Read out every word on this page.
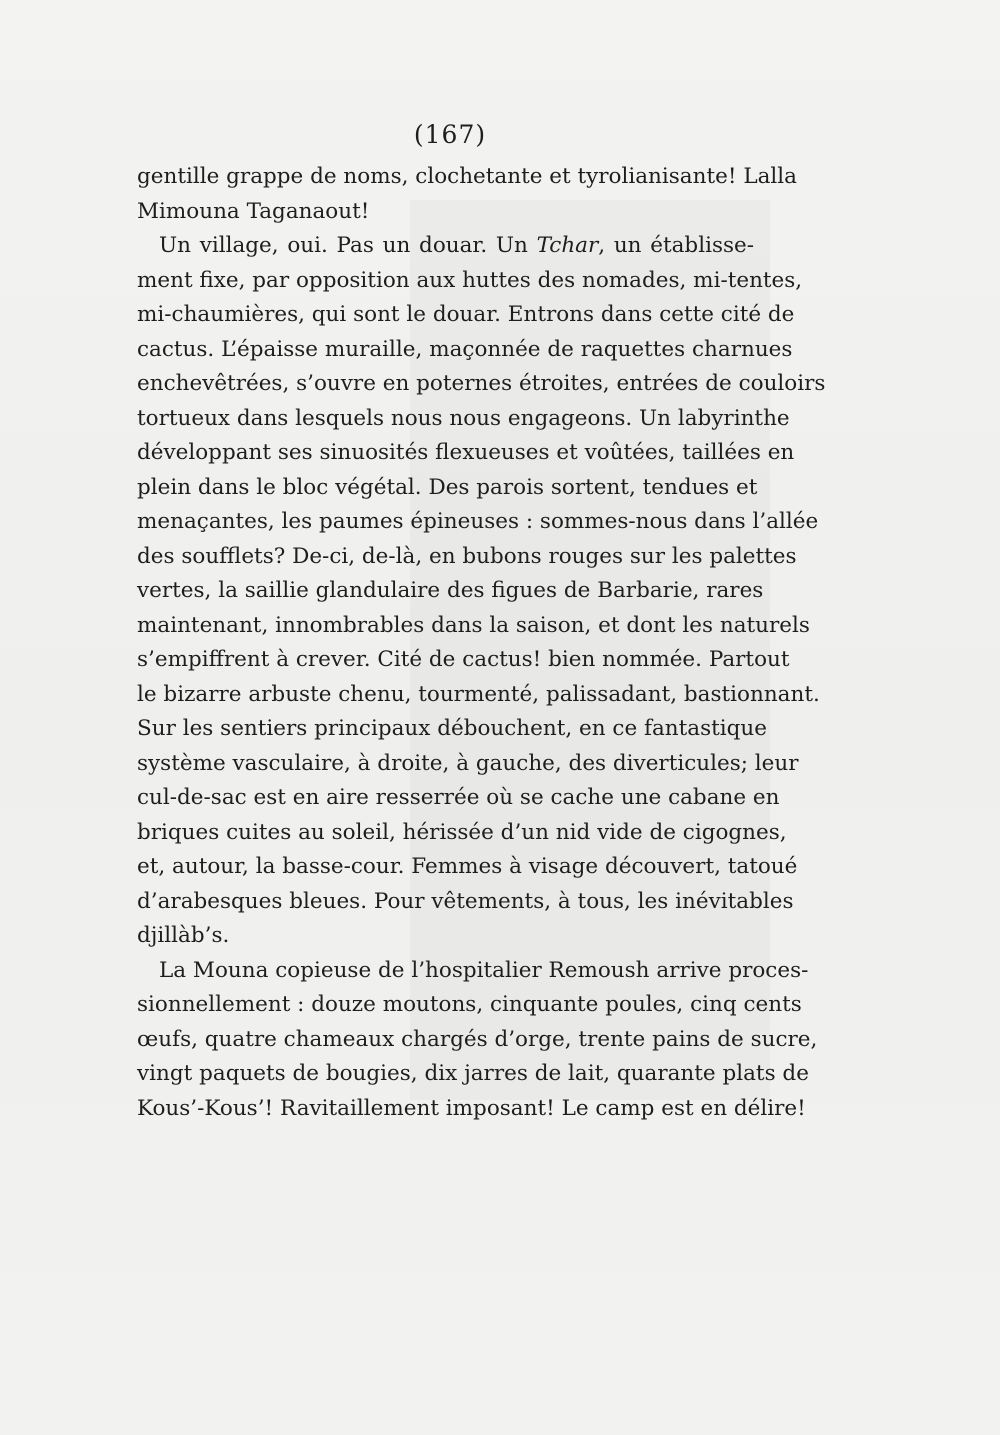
(167)
gentille grappe de noms, clochetante et tyrolianisante! Lalla
Mimouna Taganaout!
Un village, oui. Pas un douar. Un Tchar, un établisse-
ment fixe, par opposition aux huttes des nomades, mi-tentes,
mi-chaumières, qui sont le douar. Entrons dans cette cité de
cactus. L’épaisse muraille, maçonnée de raquettes charnues
enchevêtrées, s’ouvre en poternes étroites, entrées de couloirs
tortueux dans lesquels nous nous engageons. Un labyrinthe
développant ses sinuosités flexueuses et voûtées, taillées en
plein dans le bloc végétal. Des parois sortent, tendues et
menaçantes, les paumes épineuses : sommes-nous dans l’allée
des soufflets? De-ci, de-là, en bubons rouges sur les palettes
vertes, la saillie glandulaire des figues de Barbarie, rares
maintenant, innombrables dans la saison, et dont les naturels
s’empiffrent à crever. Cité de cactus! bien nommée. Partout
le bizarre arbuste chenu, tourmenté, palissadant, bastionnant.
Sur les sentiers principaux débouchent, en ce fantastique
système vasculaire, à droite, à gauche, des diverticules; leur
cul-de-sac est en aire resserrée où se cache une cabane en
briques cuites au soleil, hérissée d’un nid vide de cigognes,
et, autour, la basse-cour. Femmes à visage découvert, tatoué
d’arabesques bleues. Pour vêtements, à tous, les inévitables
djillàb’s.
La Mouna copieuse de l’hospitalier Remoush arrive proces-
sionnellement : douze moutons, cinquante poules, cinq cents
œufs, quatre chameaux chargés d’orge, trente pains de sucre,
vingt paquets de bougies, dix jarres de lait, quarante plats de
Kous’-Kous’! Ravitaillement imposant! Le camp est en délire!
